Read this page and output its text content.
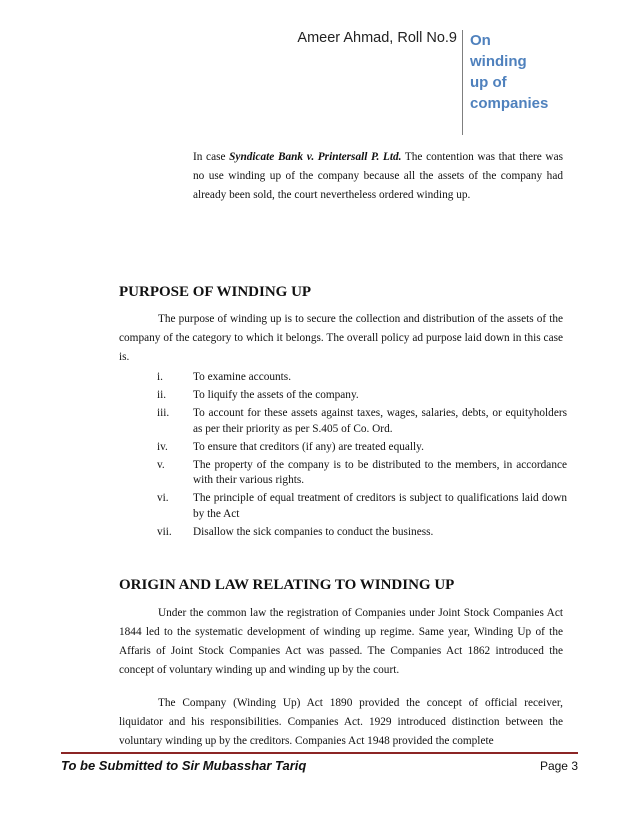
Ameer Ahmad, Roll No.9 On
winding
up of
companies

In case Syndicate Bank v. Printersall P. Ltd. The contention was that there was no use winding up of the company because all the assets of the company had already been sold, the court nevertheless ordered winding up.

PURPOSE OF WINDING UP

The purpose of winding up is to secure the collection and distribution of the assets of the company of the category to which it belongs. The overall policy ad purpose laid down in this case is.

i.	To examine accounts.
ii.	To liquify the assets of the company.
iii.	To account for these assets against taxes, wages, salaries, debts, or equityholders as per their priority as per S.405 of Co. Ord.
iv.	To ensure that creditors (if any) are treated equally.
v.	The property of the company is to be distributed to the members, in accordance with their various rights.
vi.	The principle of equal treatment of creditors is subject to qualifications laid down by the Act
vii.	Disallow the sick companies to conduct the business.
ORIGIN AND LAW RELATING TO WINDING UP

Under the common law the registration of Companies under Joint Stock Companies Act 1844 led to the systematic development of winding up regime. Same year, Winding Up of the Affaris of Joint Stock Companies Act was passed. The Companies Act 1862 introduced the concept of voluntary winding up and winding up by the court.

The Company (Winding Up) Act 1890 provided the concept of official receiver, liquidator and his responsibilities. Companies Act. 1929 introduced distinction between the voluntary winding up by the creditors. Companies Act 1948 provided the complete

To be Submitted to Sir Mubasshar Tariq	Page 3
